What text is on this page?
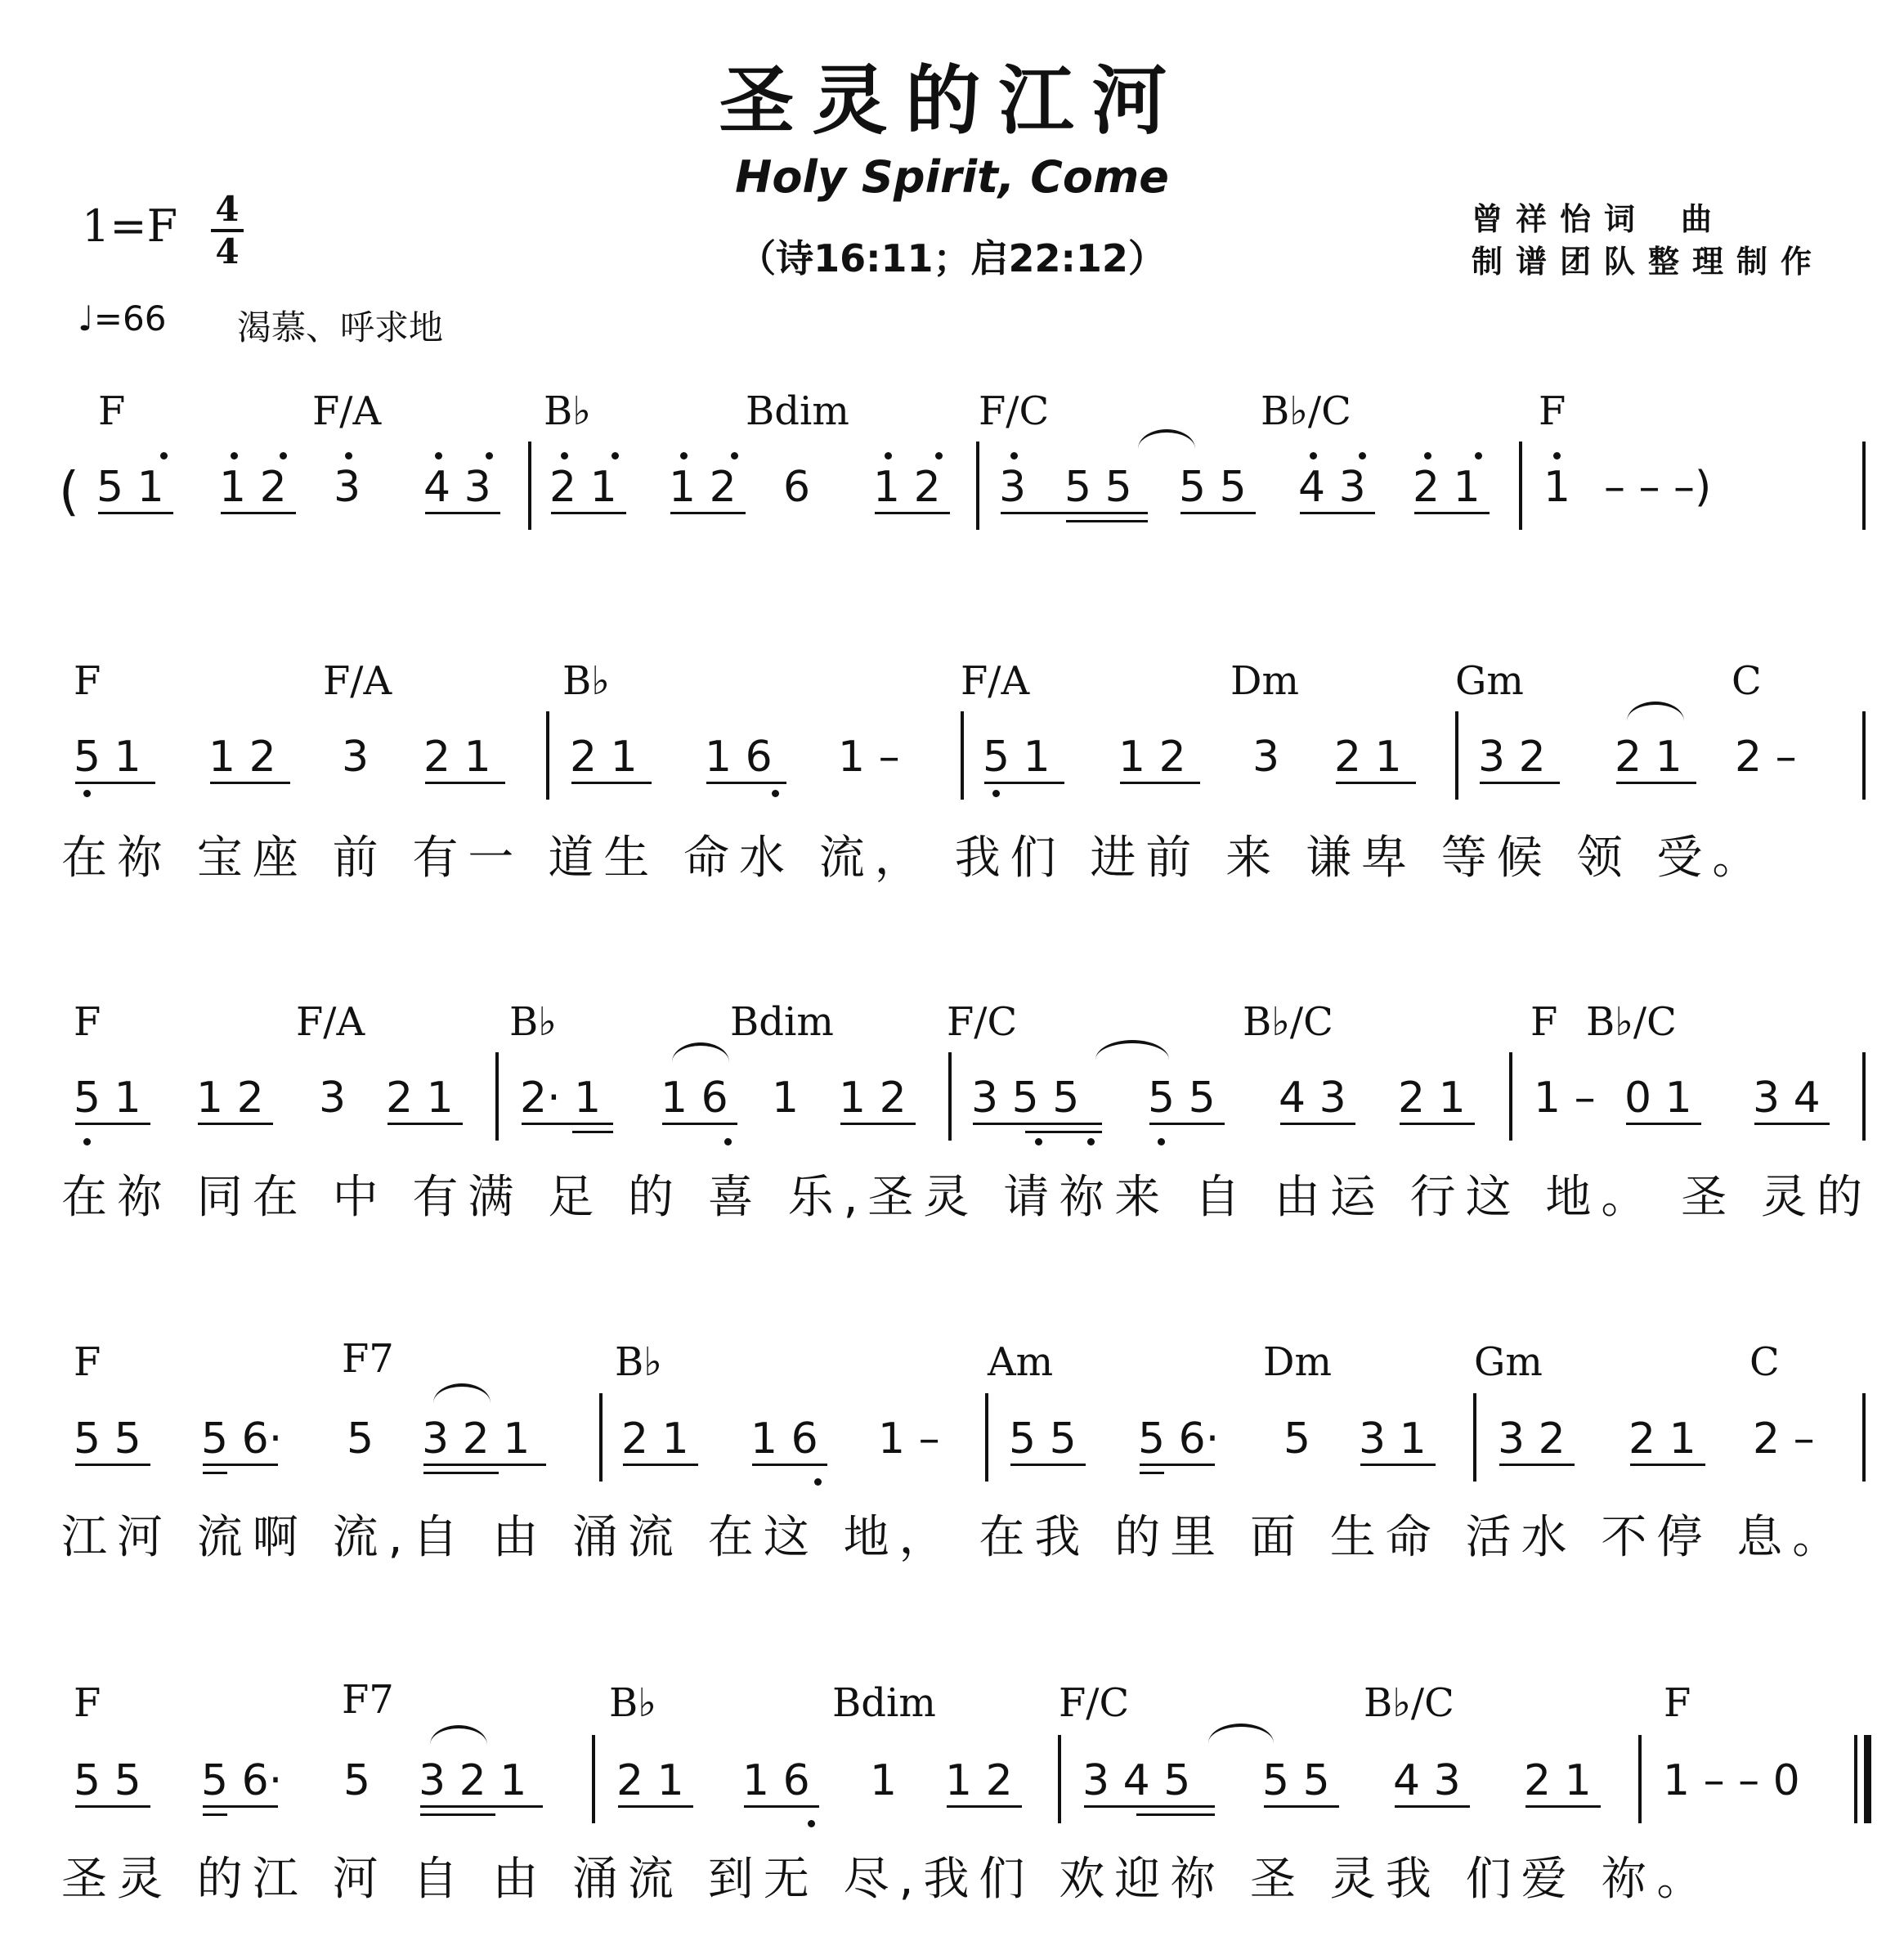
圣灵的江河
Holy Spirit, Come
（诗16:11；启22:12）
1=F 4
4
♩=66 渴慕、呼求地
曾祥怡词 曲
制谱团队整理制作
F	F/A	B♭	Bdim	F/C	B♭/C	F
( 5 1 1 2 3 4 3 2 1 1 2 6 1 2 3 5 5 5 5 4 3 2 1 1 – – –)
F	F/A	B♭	F/A	Dm	Gm	C
5 1 1 2 3 2 1 2 1 1 6 1 – 5 1 1 2 3 2 1 3 2 2 1 2 –
在祢 宝座 前 有一 道生 命水 流， 我们 进前 来 谦卑 等候 领 受。
F	F/A	B♭	Bdim	F/C	B♭/C	F B♭/C
5 1 1 2 3 2 1 2· 1 1 6 1 1 2 3 5 5 5 5 4 3 2 1 1 – 0 1 3 4
在祢 同在 中 有满 足 的 喜 乐,圣灵 请祢来 自 由运 行这 地。 圣 灵的
F	F7	B♭	Am	Dm	Gm	C
5 5 5 6· 5 3 2 1 2 1 1 6 1 – 5 5 5 6· 5 3 1 3 2 2 1 2 –
江河 流啊 流,自 由 涌流 在这 地， 在我 的里 面 生命 活水 不停 息。
F	F7	B♭	Bdim	F/C	B♭/C	F
5 5 5 6· 5 3 2 1 2 1 1 6 1 1 2 3 4 5 5 5 4 3 2 1 1 – – 0
圣灵 的江 河 自 由 涌流 到无 尽,我们 欢迎祢 圣 灵我 们爱 祢。
